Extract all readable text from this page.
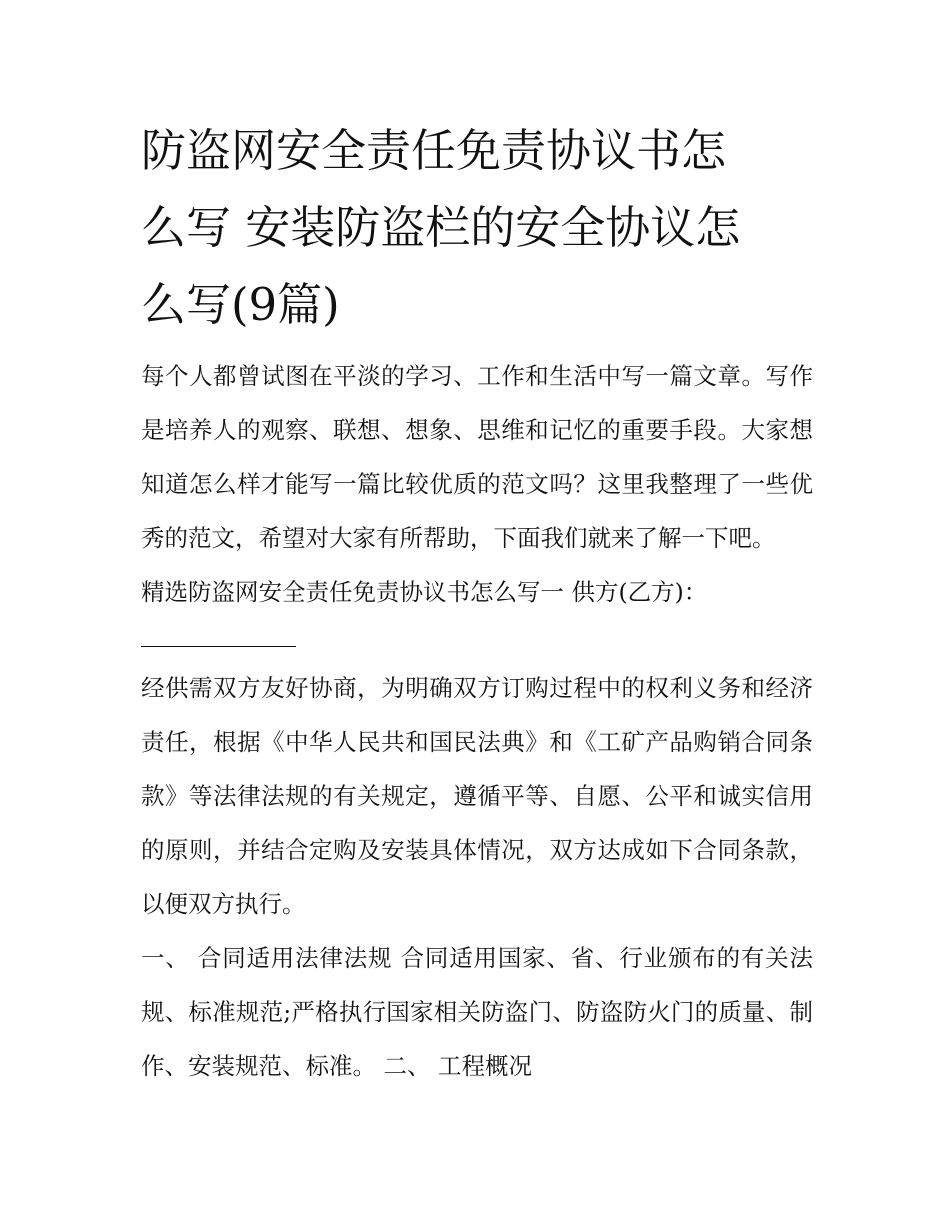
防盗网安全责任免责协议书怎
么写 安装防盗栏的安全协议怎
么写(9篇)

每个人都曾试图在平淡的学习、工作和生活中写一篇文章。写作是培养人的观察、联想、想象、思维和记忆的重要手段。大家想知道怎么样才能写一篇比较优质的范文吗？这里我整理了一些优秀的范文，希望对大家有所帮助，下面我们就来了解一下吧。

精选防盗网安全责任免责协议书怎么写一 供方(乙方)：

经供需双方友好协商，为明确双方订购过程中的权利义务和经济责任，根据《中华人民共和国民法典》和《工矿产品购销合同条款》等法律法规的有关规定，遵循平等、自愿、公平和诚实信用的原则，并结合定购及安装具体情况，双方达成如下合同条款，以便双方执行。

一、 合同适用法律法规 合同适用国家、省、行业颁布的有关法规、标准规范;严格执行国家相关防盗门、防盗防火门的质量、制作、安装规范、标准。 二、 工程概况
